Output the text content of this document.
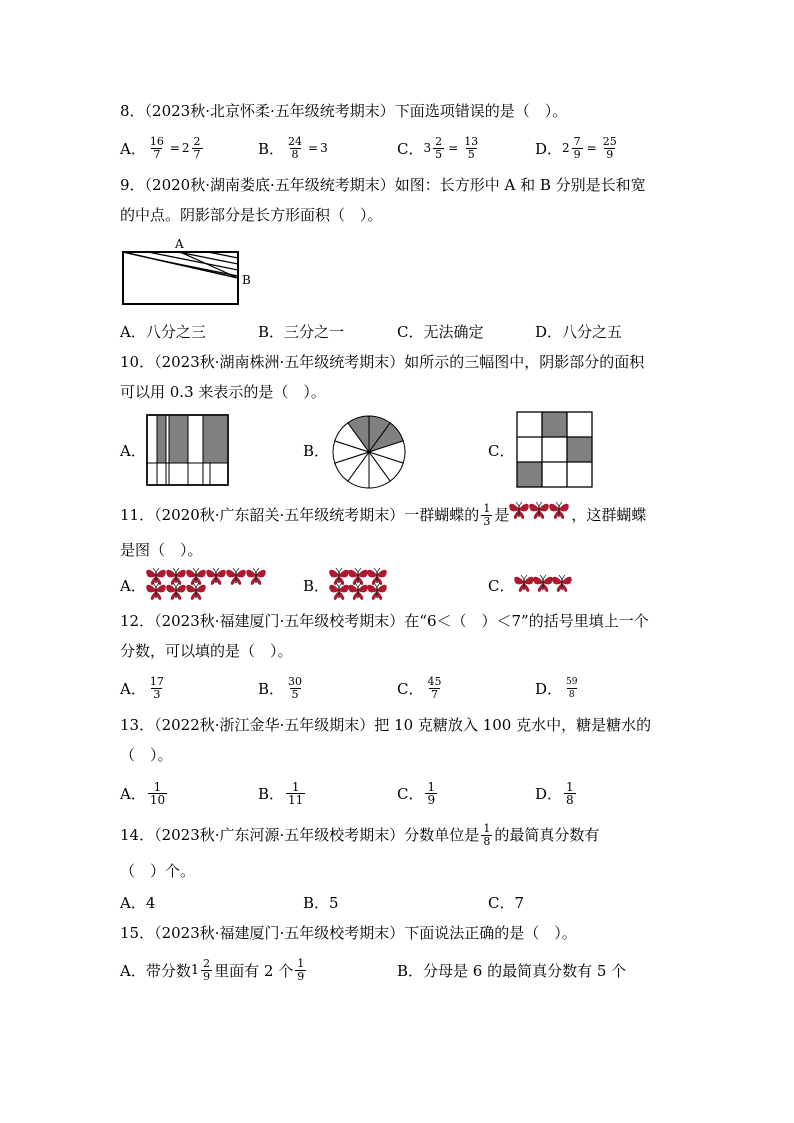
8．（2023秋·北京怀柔·五年级统考期末）下面选项错误的是（　）。
A． $\frac{16}{7} = 2 \frac{2}{7}$	B． $\frac{24}{8} = 3$	C． $3 \frac{2}{5} = \frac{13}{5}$	D． $2 \frac{7}{9} = \frac{25}{9}$
9．（2020秋·湖南娄底·五年级统考期末）如图：长方形中 A 和 B 分别是长和宽
的中点。阴影部分是长方形面积（　）。
A
B
A．八分之三	B．三分之一	C．无法确定	D．八分之五
10．（2023秋·湖南株洲·五年级统考期末）如所示的三幅图中，阴影部分的面积
可以用 0.3 来表示的是（　）。
A．	B．	C．
11．（2020秋·广东韶关·五年级统考期末）一群蝴蝶的 $\frac{1}{3}$ 是	，这群蝴蝶
是图（　）。
A．	B．	C．
12．（2023秋·福建厦门·五年级校考期末）在“6＜（　）＜7”的括号里填上一个
分数，可以填的是（　）。
A． $\frac{17}{3}$	B． $\frac{30}{5}$	C． $\frac{45}{7}$	D． $\frac{59}{8}$
13．（2022秋·浙江金华·五年级期末）把 10 克糖放入 100 克水中，糖是糖水的
（　）。
A． $\frac{1}{10}$	B． $\frac{1}{11}$	C． $\frac{1}{9}$	D． $\frac{1}{8}$
14．（2023秋·广东河源·五年级校考期末）分数单位是 $\frac{1}{8}$ 的最简真分数有
（　）个。
A．4	B．5	C．7
15．（2023秋·福建厦门·五年级校考期末）下面说法正确的是（　）。
A．带分数 $1 \frac{2}{9}$ 里面有 2 个 $\frac{1}{9}$	B．分母是 6 的最简真分数有 5 个
